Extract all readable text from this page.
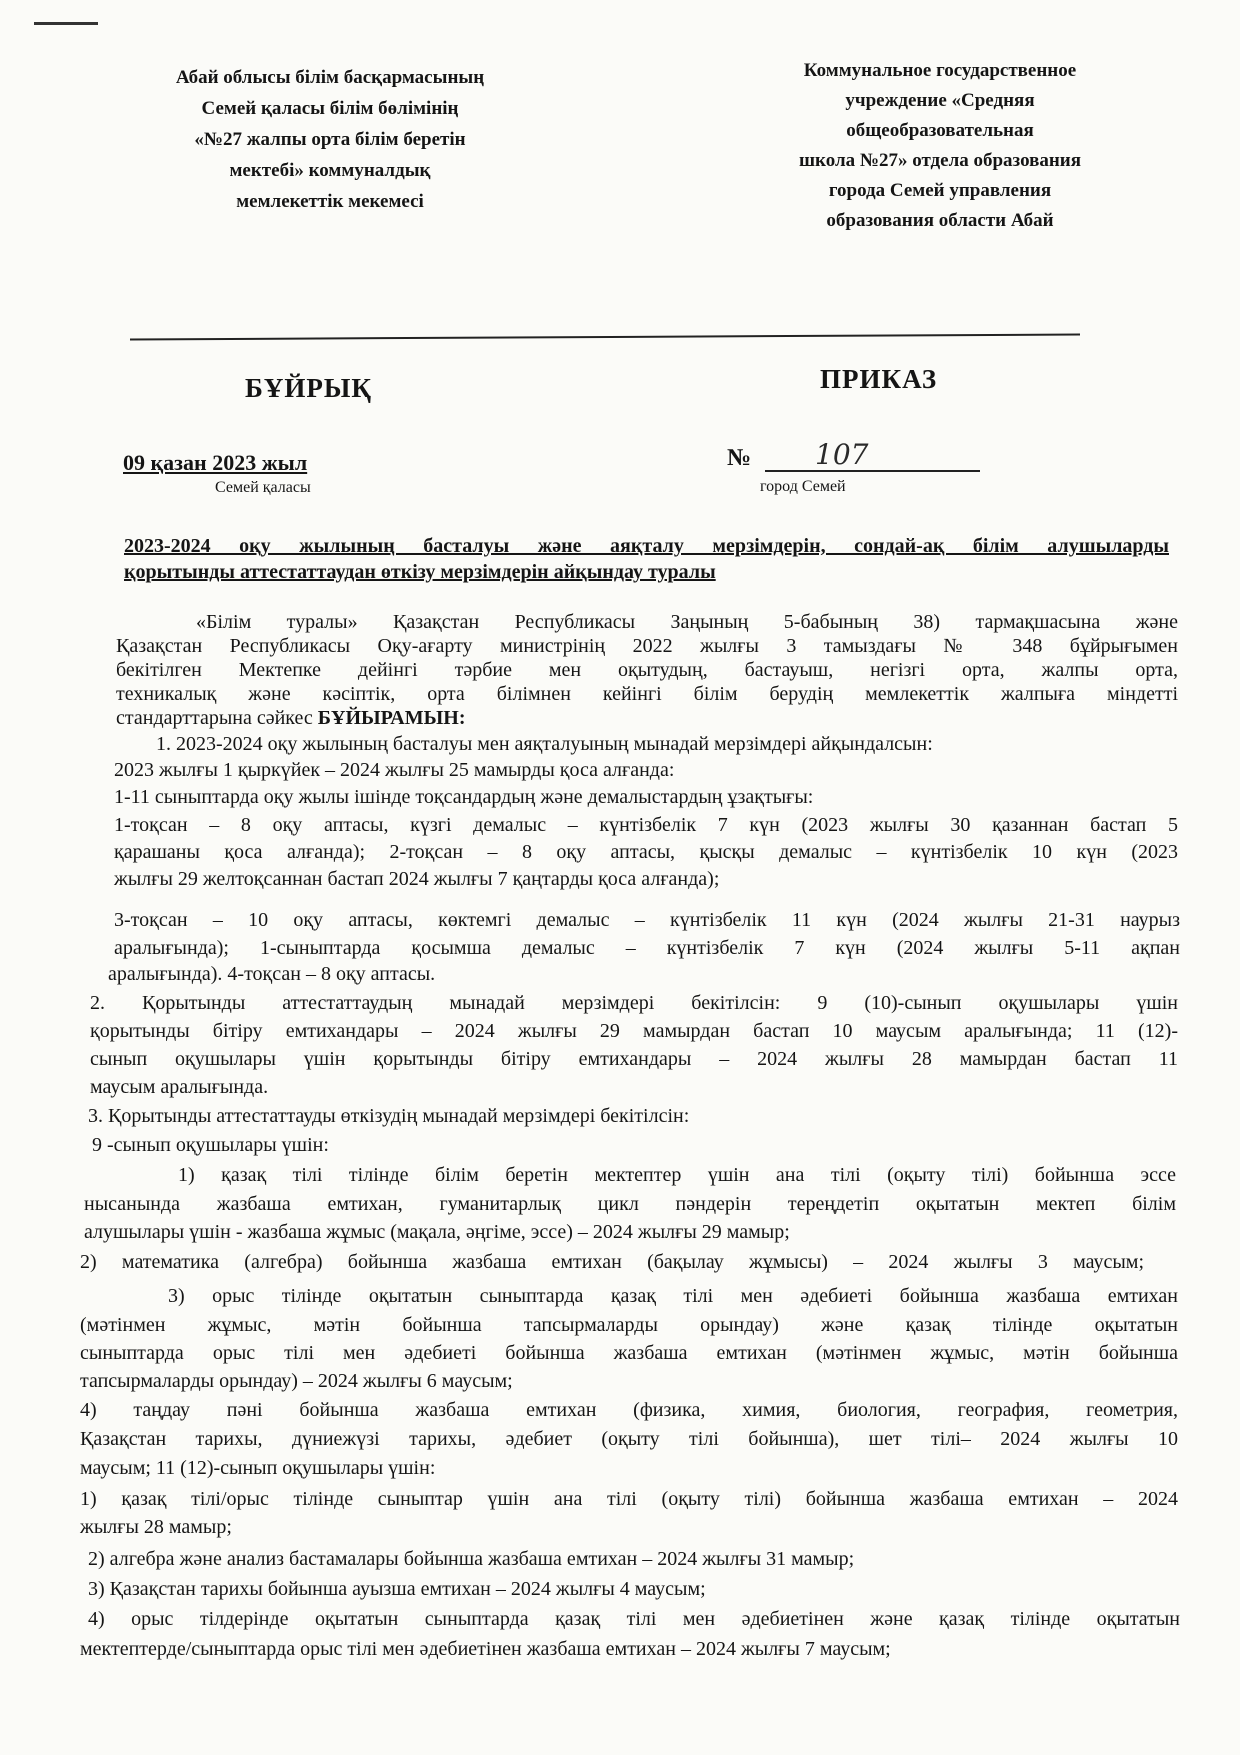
Абай облысы білім басқармасының
Семей қаласы білім бөлімінің
«№27 жалпы орта білім беретін
мектебі» коммуналдық
мемлекеттік мекемесі
Коммунальное государственное
учреждение «Средняя
общеобразовательная
школа №27» отдела образования
города Семей управления
образования области Абай
БҰЙРЫҚ	ПРИКАЗ
09 қазан 2023 жыл
Семей қаласы
№ 107
город Семей
2023-2024 оқу жылының басталуы және аяқталу мерзімдерін, сондай-ақ білім алушыларды
қорытынды аттестаттаудан өткізу мерзімдерін айқындау туралы
«Білім туралы» Қазақстан Республикасы Заңының 5-бабының 38) тармақшасына және
Қазақстан Республикасы Оқу-ағарту министрінің 2022 жылғы 3 тамыздағы № 348 бұйрығымен
бекітілген Мектепке дейінгі тәрбие мен оқытудың, бастауыш, негізгі орта, жалпы орта,
техникалық және кәсіптік, орта білімнен кейінгі білім берудің мемлекеттік жалпыға міндетті
стандарттарына сәйкес БҰЙЫРАМЫН:
1. 2023-2024 оқу жылының басталуы мен аяқталуының мынадай мерзімдері айқындалсын:
2023 жылғы 1 қыркүйек – 2024 жылғы 25 мамырды қоса алғанда:
1-11 сыныптарда оқу жылы ішінде тоқсандардың және демалыстардың ұзақтығы:
1-тоқсан – 8 оқу аптасы, күзгі демалыс – күнтізбелік 7 күн (2023 жылғы 30 қазаннан бастап 5
қарашаны қоса алғанда); 2-тоқсан – 8 оқу аптасы, қысқы демалыс – күнтізбелік 10 күн (2023
жылғы 29 желтоқсаннан бастап 2024 жылғы 7 қаңтарды қоса алғанда);
3-тоқсан – 10 оқу аптасы, көктемгі демалыс – күнтізбелік 11 күн (2024 жылғы 21-31 наурыз
аралығында); 1-сыныптарда қосымша демалыс – күнтізбелік 7 күн (2024 жылғы 5-11 ақпан
аралығында). 4-тоқсан – 8 оқу аптасы.
2. Қорытынды аттестаттаудың мынадай мерзімдері бекітілсін: 9 (10)-сынып оқушылары үшін
қорытынды бітіру емтихандары – 2024 жылғы 29 мамырдан бастап 10 маусым аралығында; 11 (12)-
сынып оқушылары үшін қорытынды бітіру емтихандары – 2024 жылғы 28 мамырдан бастап 11
маусым аралығында.
3. Қорытынды аттестаттауды өткізудің мынадай мерзімдері бекітілсін:
9 -сынып оқушылары үшін:
1) қазақ тілі тілінде білім беретін мектептер үшін ана тілі (оқыту тілі) бойынша эссе
нысанында жазбаша емтихан, гуманитарлық цикл пәндерін тереңдетіп оқытатын мектеп білім
алушылары үшін - жазбаша жұмыс (мақала, әңгіме, эссе) – 2024 жылғы 29 мамыр;
2) математика (алгебра) бойынша жазбаша емтихан (бақылау жұмысы) – 2024 жылғы 3 маусым;
3) орыс тілінде оқытатын сыныптарда қазақ тілі мен әдебиеті бойынша жазбаша емтихан
(мәтінмен жұмыс, мәтін бойынша тапсырмаларды орындау) және қазақ тілінде оқытатын
сыныптарда орыс тілі мен әдебиеті бойынша жазбаша емтихан (мәтінмен жұмыс, мәтін бойынша
тапсырмаларды орындау) – 2024 жылғы 6 маусым;
4) таңдау пәні бойынша жазбаша емтихан (физика, химия, биология, география, геометрия,
Қазақстан тарихы, дүниежүзі тарихы, әдебиет (оқыту тілі бойынша), шет тілі– 2024 жылғы 10
маусым; 11 (12)-сынып оқушылары үшін:
1) қазақ тілі/орыс тілінде сыныптар үшін ана тілі (оқыту тілі) бойынша жазбаша емтихан – 2024
жылғы 28 мамыр;
2) алгебра және анализ бастамалары бойынша жазбаша емтихан – 2024 жылғы 31 мамыр;
3) Қазақстан тарихы бойынша ауызша емтихан – 2024 жылғы 4 маусым;
4) орыс тілдерінде оқытатын сыныптарда қазақ тілі мен әдебиетінен және қазақ тілінде оқытатын
мектептерде/сыныптарда орыс тілі мен әдебиетінен жазбаша емтихан – 2024 жылғы 7 маусым;
